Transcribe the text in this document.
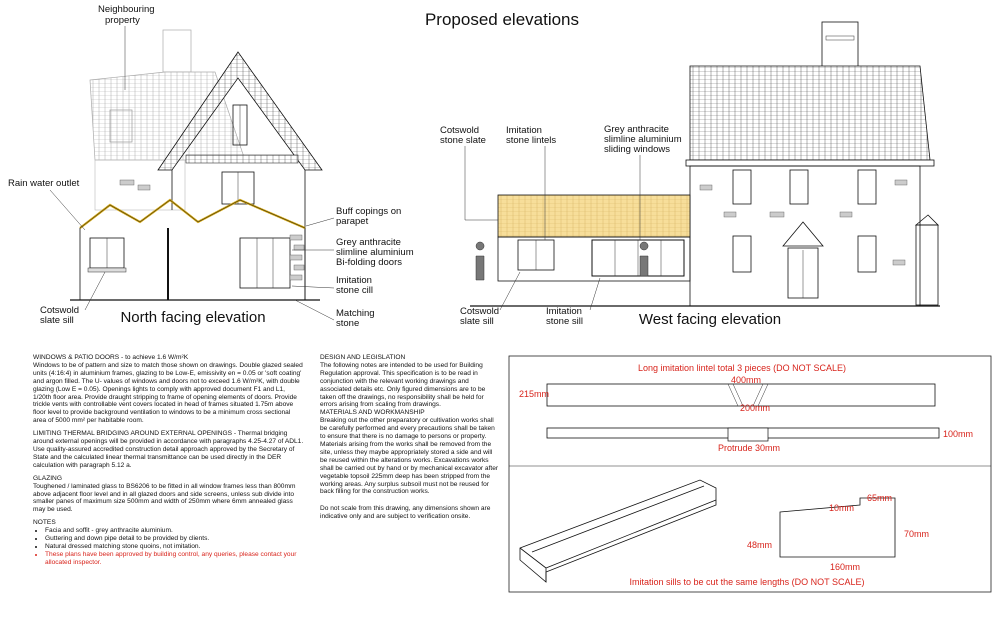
Proposed elevations
Neighbouring
property
Rain water outlet
Buff copings on
parapet
Grey anthracite
slimline aluminium
Bi-folding doors
Imitation
stone cill
Cotswold
slate sill
Matching
stone
North facing elevation
Cotswold
stone slate
Imitation
stone lintels
Grey anthracite
slimline aluminium
sliding windows
Cotswold
slate sill
Imitation
stone sill	West facing elevation
Long imitation lintel total 3 pieces (DO NOT SCALE)
215mm
400mm
200mm
100mm
Protrude 30mm
65mm
10mm
70mm
48mm
160mm
Imitation sills to be cut the same lengths (DO NOT SCALE)

WINDOWS & PATIO DOORS - to achieve 1.6 W/m²K

Windows to be of pattern and size to match those shown on drawings. Double glazed sealed units (4:16:4) in aluminium frames, glazing to be Low-E, emissivity en = 0.05 or 'soft coating' and argon filled. The U- values of windows and doors not to exceed 1.6 W/m²K, with double glazing (Low E = 0.05). Openings lights to comply with approved document F1 and L1, 1/20th floor area. Provide draught stripping to frame of opening elements of doors. Provide trickle vents with controllable vent covers located in head of frames situated 1.75m above floor level to provide background ventilation to windows to be a minimum cross sectional area of 5000 mm² per habitable room.

LIMITING THERMAL BRIDGING AROUND EXTERNAL OPENINGS - Thermal bridging around external openings will be provided in accordance with paragraphs 4.25-4.27 of ADL1.

Use quality-assured accredited construction detail approach approved by the Secretary of State and the calculated linear thermal transmittance can be used directly in the DER calculation with paragraph 5.12 a.

GLAZING

Toughened / laminated glass to BS6206 to be fitted in all window frames less than 800mm above adjacent floor level and in all glazed doors and side screens, unless sub divide into smaller panes of maximum size 500mm and width of 250mm where 6mm annealed glass may be used.

NOTES

• Facia and soffit - grey anthracite aluminium.
• Guttering and down pipe detail to be provided by clients.
• Natural dressed matching stone quoins, not imitation.
• These plans have been approved by building control, any queries, please contact your allocated inspector.

DESIGN AND LEGISLATION

The following notes are intended to be used for Building Regulation approval. This specification is to be read in conjunction with the relevant working drawings and associated details etc. Only figured dimensions are to be taken off the drawings, no responsibility shall be held for errors arising from scaling from drawings.

MATERIALS AND WORKMANSHIP

Breaking out the other preparatory or cultivation works shall be carefully performed and every precautions shall be taken to ensure that there is no damage to persons or property. Materials arising from the works shall be removed from the site, unless they maybe appropriately stored a side and will be reused within the alterations works. Excavations works shall be carried out by hand or by mechanical excavator after vegetable topsoil 225mm deep has been stripped from the working areas. Any surplus subsoil must not be reused for back filling for the construction works.

Do not scale from this drawing, any dimensions shown are indicative only and are subject to verification onsite.
